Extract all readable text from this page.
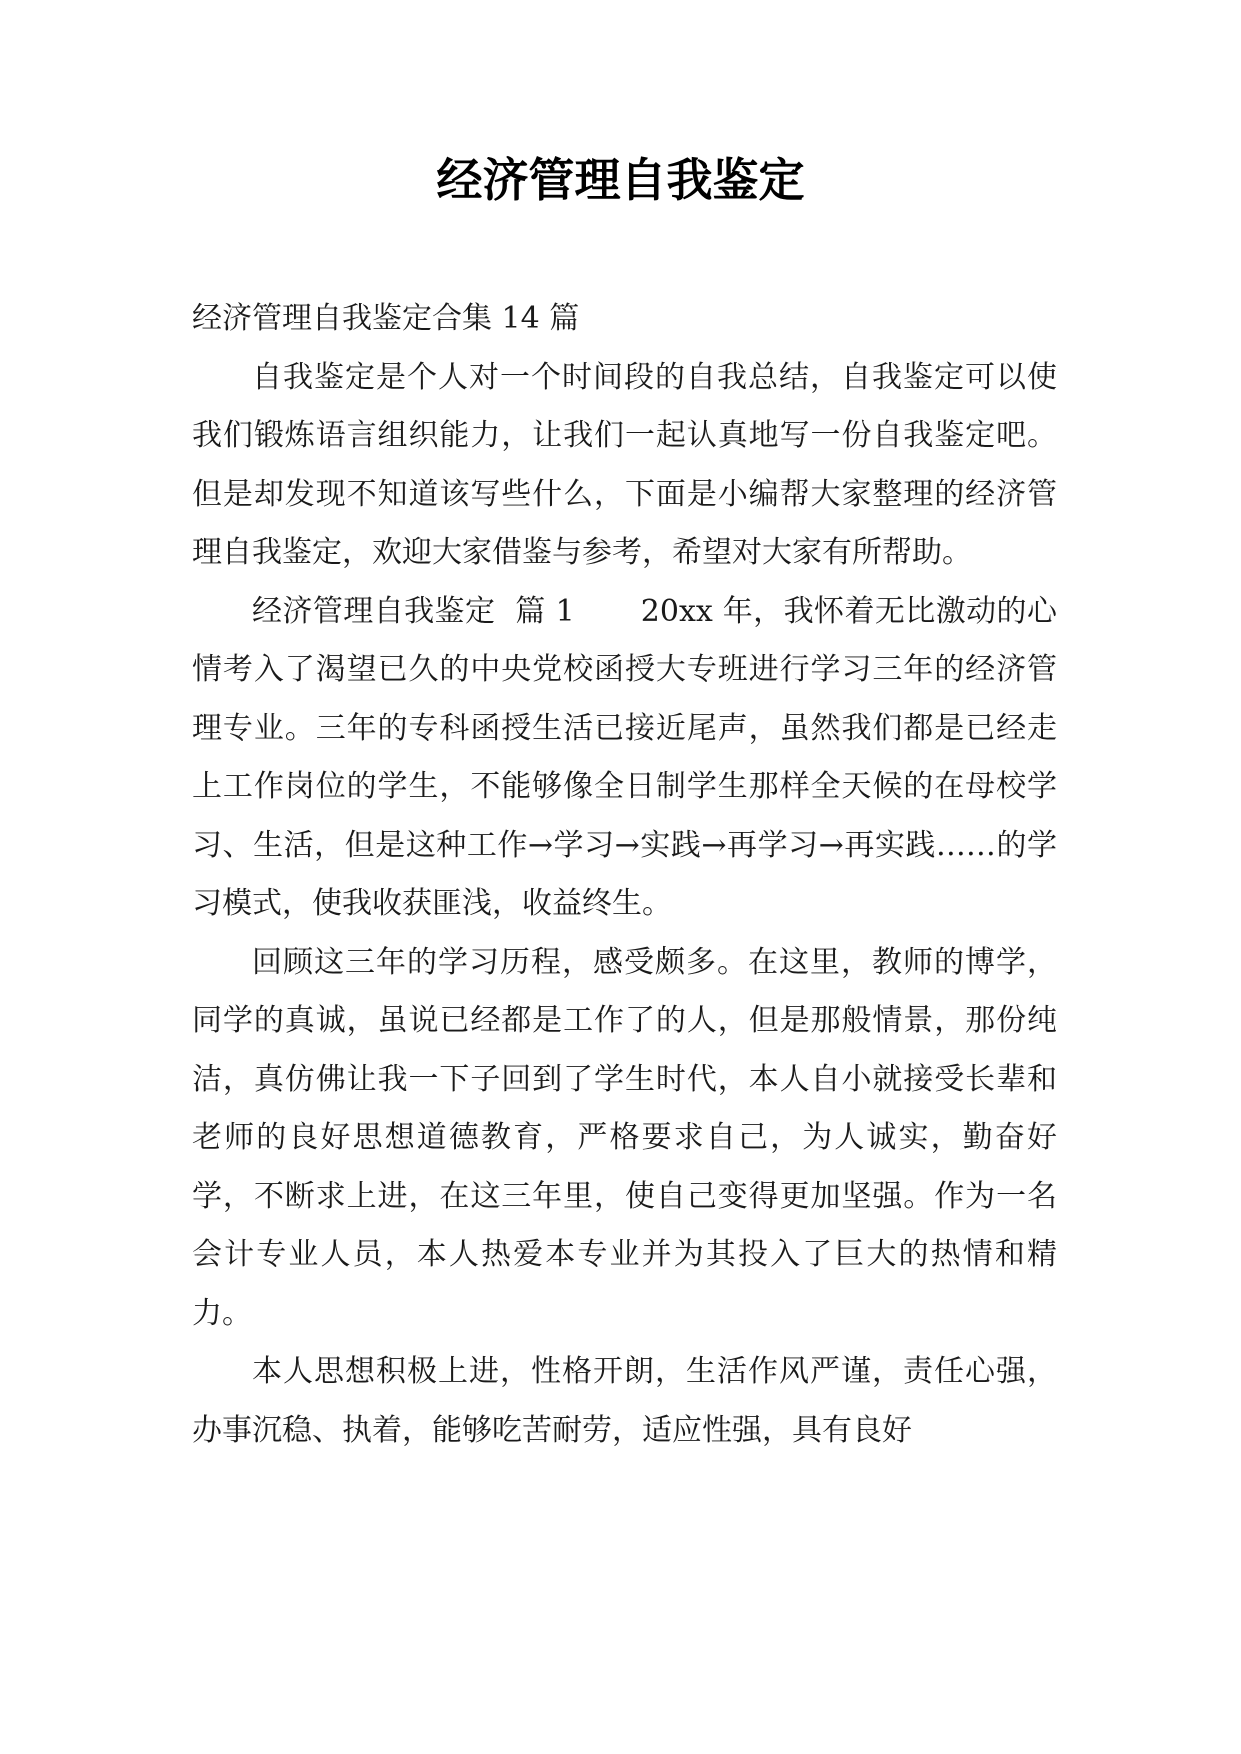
经济管理自我鉴定

经济管理自我鉴定合集 14 篇

自我鉴定是个人对一个时间段的自我总结，自我鉴定可以使我们锻炼语言组织能力，让我们一起认真地写一份自我鉴定吧。但是却发现不知道该写些什么，下面是小编帮大家整理的经济管理自我鉴定，欢迎大家借鉴与参考，希望对大家有所帮助。

经济管理自我鉴定  篇 1 20xx 年，我怀着无比激动的心情考入了渴望已久的中央党校函授大专班进行学习三年的经济管理专业。三年的专科函授生活已接近尾声，虽然我们都是已经走上工作岗位的学生，不能够像全日制学生那样全天候的在母校学习、生活，但是这种工作→学习→实践→再学习→再实践……的学习模式，使我收获匪浅，收益终生。

回顾这三年的学习历程，感受颇多。在这里，教师的博学，同学的真诚，虽说已经都是工作了的人，但是那般情景，那份纯洁，真仿佛让我一下子回到了学生时代，本人自小就接受长辈和老师的良好思想道德教育，严格要求自己，为人诚实，勤奋好学，不断求上进，在这三年里，使自己变得更加坚强。作为一名会计专业人员，本人热爱本专业并为其投入了巨大的热情和精力。

本人思想积极上进，性格开朗，生活作风严谨，责任心强，办事沉稳、执着，能够吃苦耐劳，适应性强，具有良好
